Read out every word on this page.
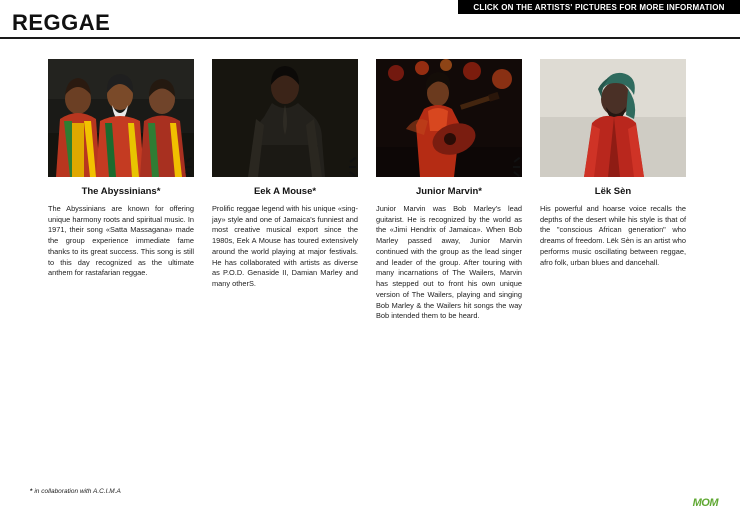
CLICK ON THE ARTISTS' PICTURES FOR MORE INFORMATION
REGGAE
The Abyssinians*
The Abyssinians are known for offering unique harmony roots and spiritual music. In 1971, their song «Satta Massagana» made the group experience immediate fame thanks to its great success. This song is still to this day recognized as the ultimate anthem for rastafarian reggae.
Eek A Mouse*
Prolific reggae legend with his unique «sing-jay» style and one of Jamaica's funniest and most creative musical export since the 1980s, Eek A Mouse has toured extensively around the world playing at major festivals. He has collaborated with artists as diverse as P.O.D. Genaside II, Damian Marley and many otherS.
Junior Marvin*
Junior Marvin was Bob Marley's lead guitarist. He is recognized by the world as the «Jimi Hendrix of Jamaica». When Bob Marley passed away, Junior Marvin continued with the group as the lead singer and leader of the group. After touring with many incarnations of The Wailers, Marvin has stepped out to front his own unique version of The Wailers, playing and singing Bob Marley & the Wailers hit songs the way Bob intended them to be heard.
Lëk Sèn
His powerful and hoarse voice recalls the depths of the desert while his style is that of the "conscious African generation" who dreams of freedom. Lëk Sèn is an artist who performs music oscillating between reggae, afro folk, urban blues and dancehall.
* in collaboration with A.C.I.M.A
MOM
